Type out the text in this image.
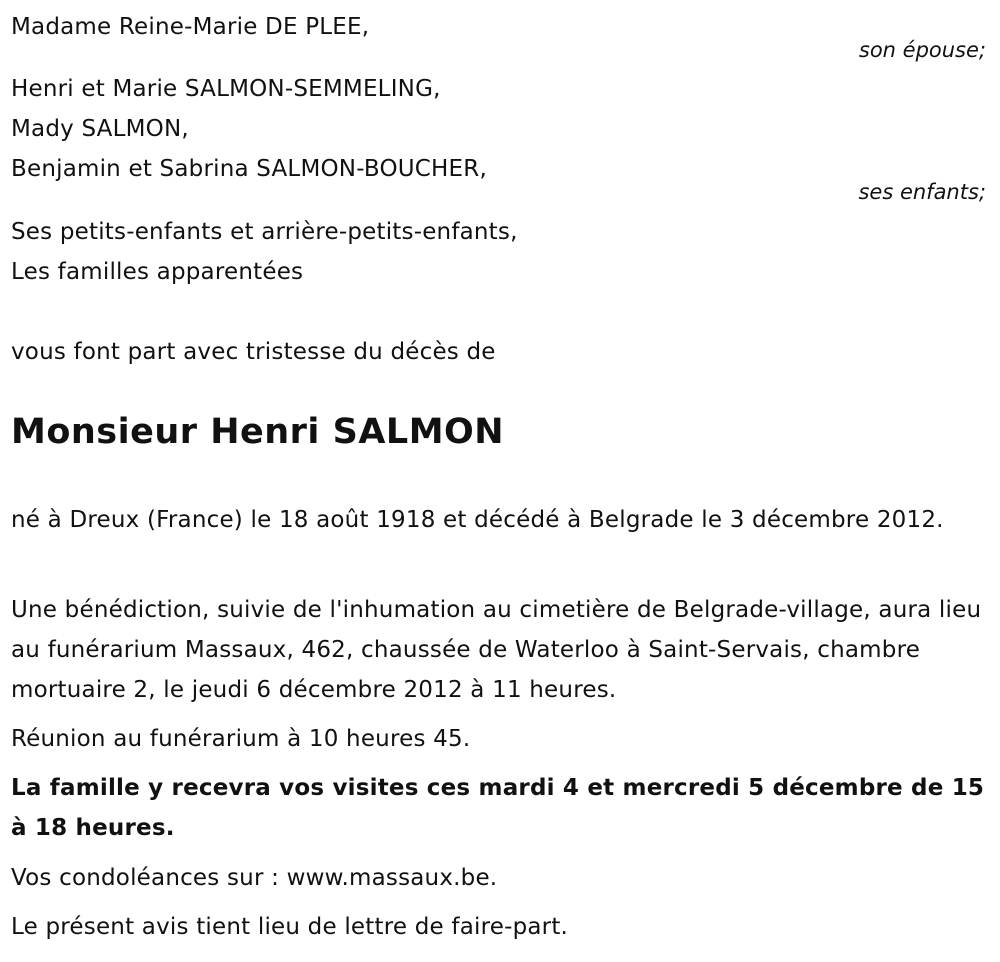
Madame Reine-Marie DE PLEE,
son épouse;
Henri et Marie SALMON-SEMMELING,
Mady SALMON,
Benjamin et Sabrina SALMON-BOUCHER,
ses enfants;
Ses petits-enfants et arrière-petits-enfants,
Les familles apparentées
vous font part avec tristesse du décès de
Monsieur Henri SALMON
né à Dreux (France) le 18 août 1918 et décédé à Belgrade le 3 décembre 2012.
Une bénédiction, suivie de l'inhumation au cimetière de Belgrade-village, aura lieu au funérarium Massaux, 462, chaussée de Waterloo à Saint-Servais, chambre mortuaire 2, le jeudi 6 décembre 2012 à 11 heures.
Réunion au funérarium à 10 heures 45.
La famille y recevra vos visites ces mardi 4 et mercredi 5 décembre de 15 à 18 heures.
Vos condoléances sur : www.massaux.be.
Le présent avis tient lieu de lettre de faire-part.
